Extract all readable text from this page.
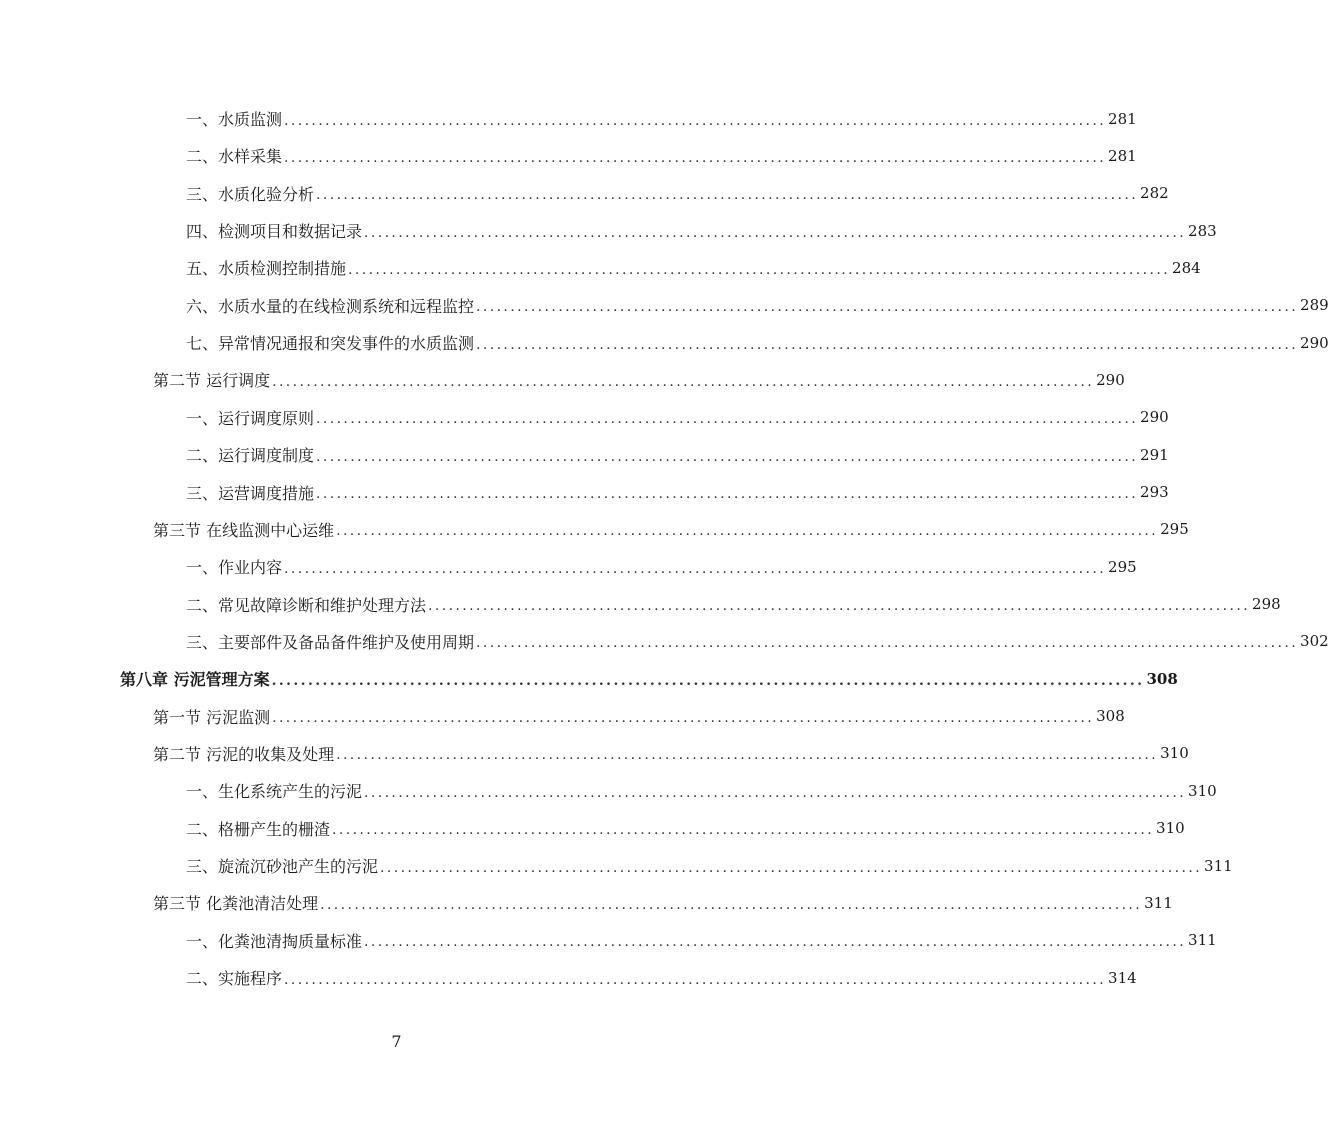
一、水质监测 ........................................................................................................................ 281
二、水样采集 ........................................................................................................................ 281
三、水质化验分析 ........................................................................................................................ 282
四、检测项目和数据记录 ........................................................................................................................ 283
五、水质检测控制措施 ........................................................................................................................ 284
六、水质水量的在线检测系统和远程监控 ........................................................................................................................ 289
七、异常情况通报和突发事件的水质监测 ........................................................................................................................ 290
第二节 运行调度 ........................................................................................................................ 290
一、运行调度原则 ........................................................................................................................ 290
二、运行调度制度 ........................................................................................................................ 291
三、运营调度措施 ........................................................................................................................ 293
第三节 在线监测中心运维 ........................................................................................................................ 295
一、作业内容 ........................................................................................................................ 295
二、常见故障诊断和维护处理方法 ........................................................................................................................ 298
三、主要部件及备品备件维护及使用周期 ........................................................................................................................ 302
第八章 污泥管理方案 ........................................................................................................................ 308
第一节 污泥监测 ........................................................................................................................ 308
第二节 污泥的收集及处理 ........................................................................................................................ 310
一、生化系统产生的污泥 ........................................................................................................................ 310
二、格栅产生的栅渣 ........................................................................................................................ 310
三、旋流沉砂池产生的污泥 ........................................................................................................................ 311
第三节 化粪池清洁处理 ........................................................................................................................ 311
一、化粪池清掏质量标准 ........................................................................................................................ 311
二、实施程序 ........................................................................................................................ 314
7
